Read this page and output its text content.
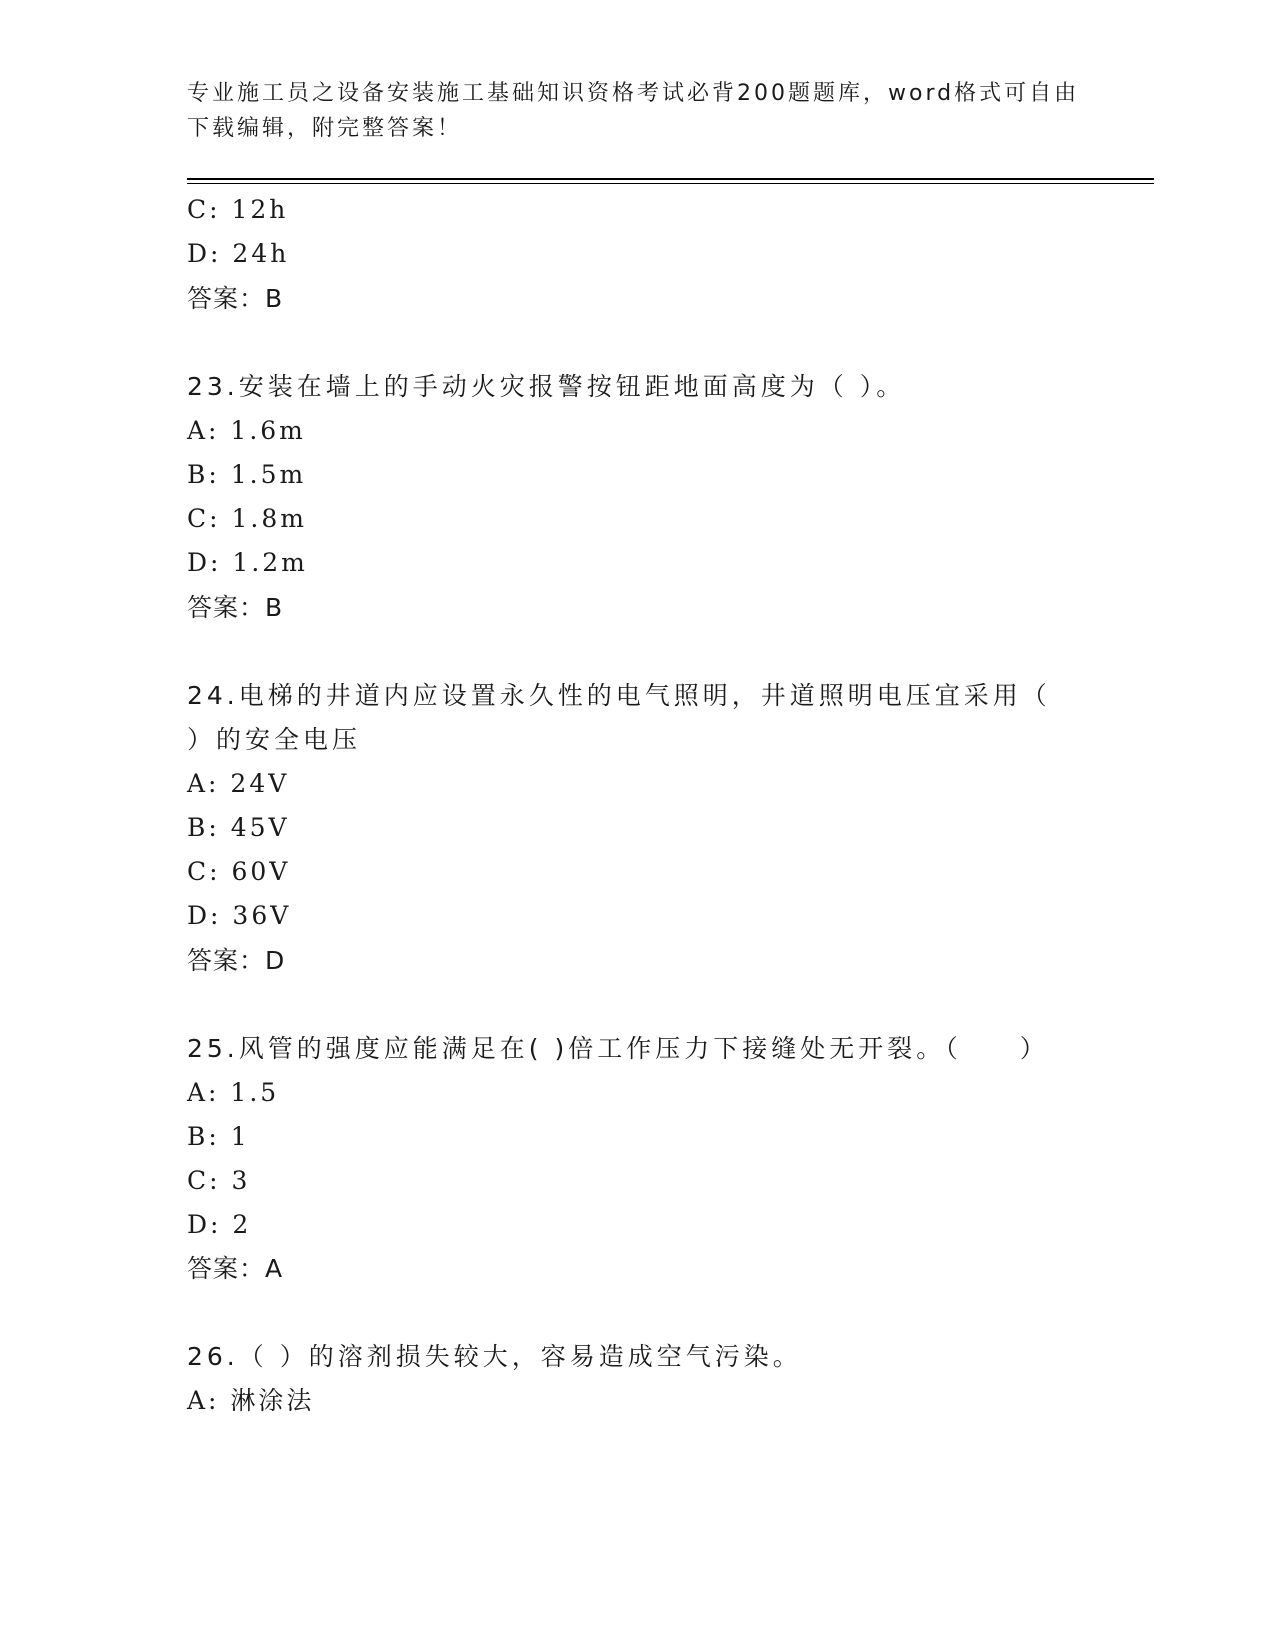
专业施工员之设备安装施工基础知识资格考试必背200题题库，word格式可自由
下载编辑，附完整答案！
C: 12h
D: 24h
答案：B
23.安装在墙上的手动火灾报警按钮距地面高度为（ ）。
A: 1.6m
B: 1.5m
C: 1.8m
D: 1.2m
答案：B
24.电梯的井道内应设置永久性的电气照明，井道照明电压宜采用（
）的安全电压
A: 24V
B: 45V
C: 60V
D: 36V
答案：D
25.风管的强度应能满足在( )倍工作压力下接缝处无开裂。（　　）
A: 1.5
B: 1
C: 3
D: 2
答案：A
26.（ ）的溶剂损失较大，容易造成空气污染。
A: 淋涂法
